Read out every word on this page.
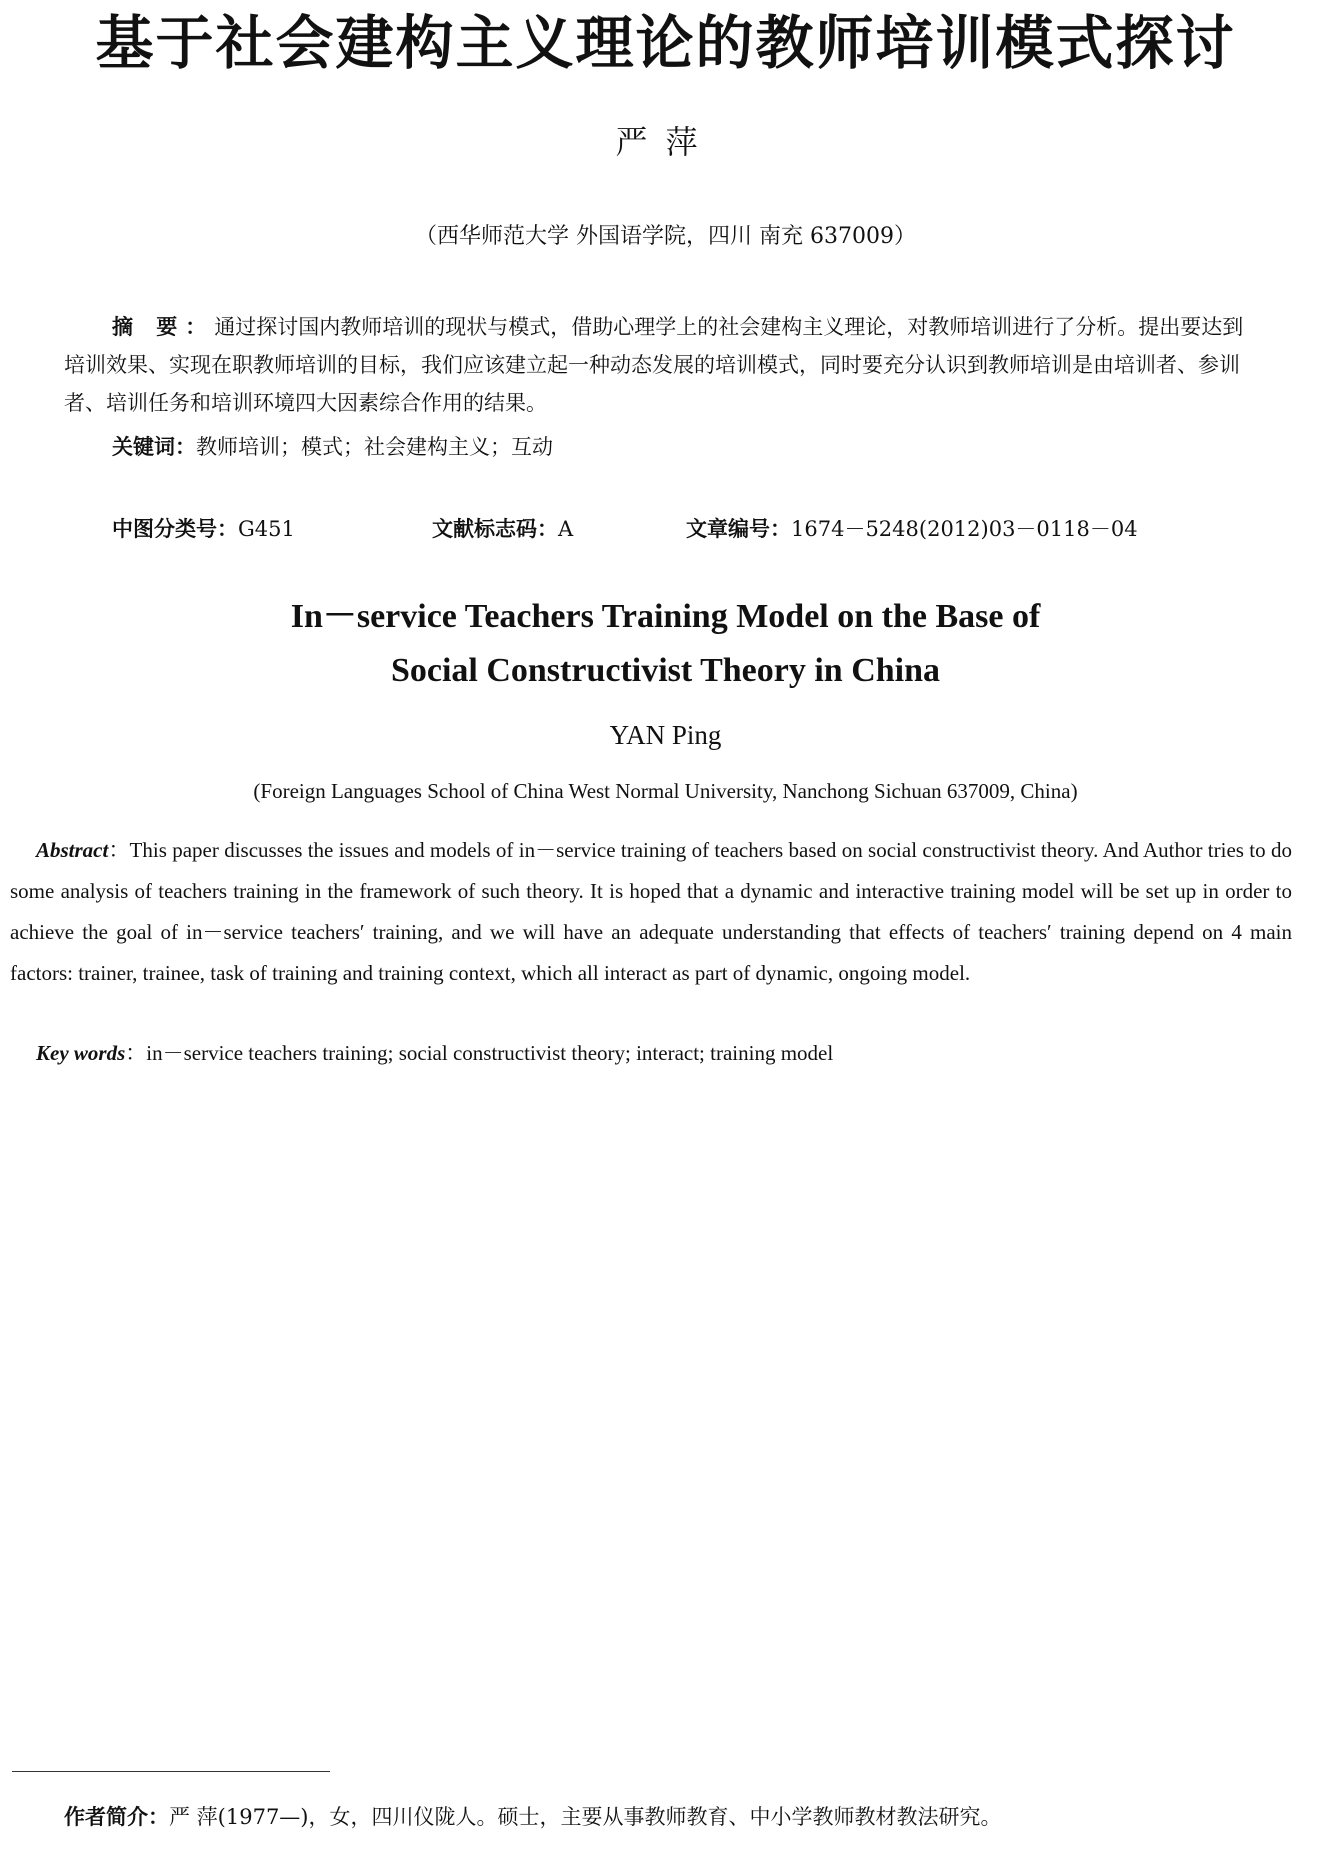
基于社会建构主义理论的教师培训模式探讨
严萍
（西华师范大学 外国语学院，四川 南充 637009）
摘 要：通过探讨国内教师培训的现状与模式，借助心理学上的社会建构主义理论，对教师培训进行了分析。提出要达到培训效果、实现在职教师培训的目标，我们应该建立起一种动态发展的培训模式，同时要充分认识到教师培训是由培训者、参训者、培训任务和培训环境四大因素综合作用的结果。
关键词：教师培训；模式；社会建构主义；互动
中图分类号：G451	文献标志码：A	文章编号：1674－5248(2012)03－0118－04
In－service Teachers Training Model on the Base of
Social Constructivist Theory in China
YAN Ping
(Foreign Languages School of China West Normal University, Nanchong Sichuan 637009, China)
Abstract：This paper discusses the issues and models of in－service training of teachers based on social constructivist theory. And Author tries to do some analysis of teachers training in the framework of such theory. It is hoped that a dynamic and interactive training model will be set up in order to achieve the goal of in－service teachers′ training, and we will have an adequate understanding that effects of teachers′ training depend on 4 main factors: trainer, trainee, task of training and training context, which all interact as part of dynamic, ongoing model.
Key words：in－service teachers training; social constructivist theory; interact; training model
作者简介：严 萍(1977—)，女，四川仪陇人。硕士，主要从事教师教育、中小学教师教材教法研究。
